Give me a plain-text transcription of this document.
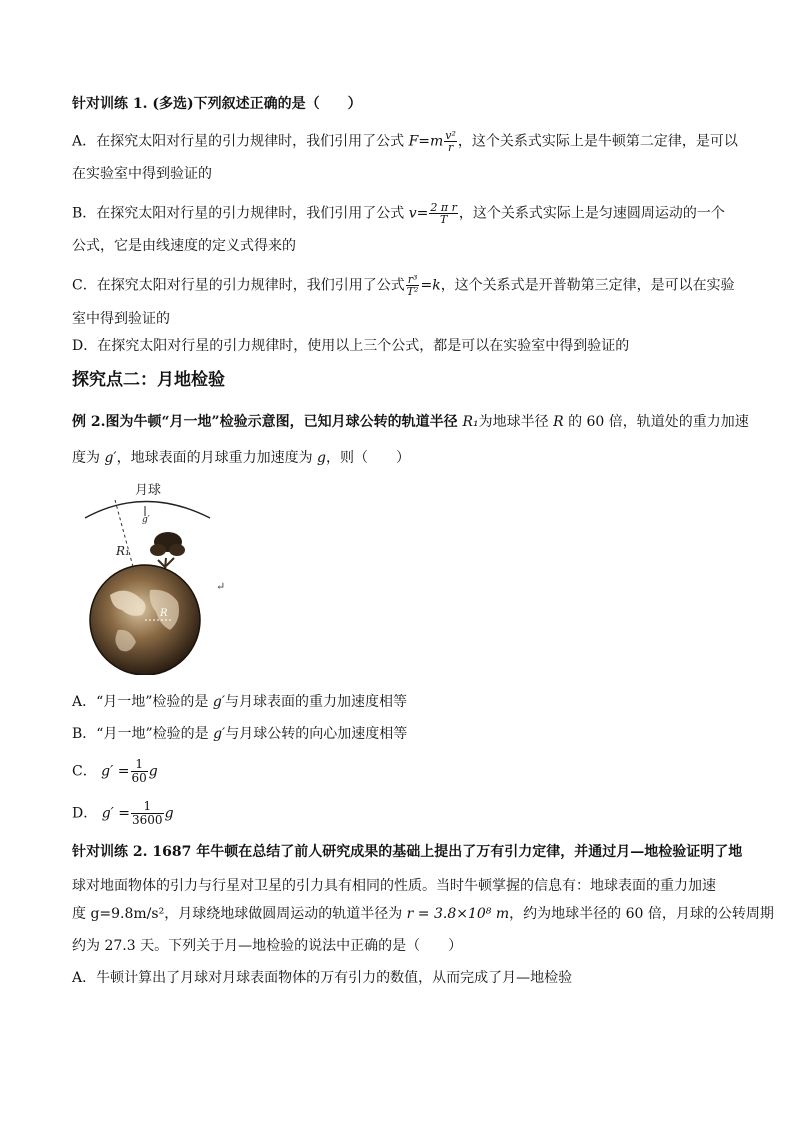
针对训练 1. (多选)下列叙述正确的是（　　）
A．在探究太阳对行星的引力规律时，我们引用了公式 $F=m \frac{\text{v²}}{r}$ ，这个关系式实际上是牛顿第二定律，是可以
在实验室中得到验证的
B．在探究太阳对行星的引力规律时，我们引用了公式 $v= \frac{\text{2 π r}}{T}$ ，这个关系式实际上是匀速圆周运动的一个
公式，它是由线速度的定义式得来的
C．在探究太阳对行星的引力规律时，我们引用了公式 $\frac{\text{r³}}{\text{T²}} =k$，这个关系式是开普勒第三定律，是可以在实验
室中得到验证的
D．在探究太阳对行星的引力规律时，使用以上三个公式，都是可以在实验室中得到验证的
探究点二：月地检验
例 2.图为牛顿“月一地”检验示意图，已知月球公转的轨道半径 R₁为地球半径 R 的 60 倍，轨道处的重力加速
度为 g′，地球表面的月球重力加速度为 g，则（　　）
月球
g′
R₁
R
↵
A．“月一地”检验的是 g′与月球表面的重力加速度相等
B．“月一地”检验的是 g′与月球公转的向心加速度相等
C． $g' = \frac{1}{60}$ g
D． $g' = \frac{1}{3600}$ g
针对训练 2. 1687 年牛顿在总结了前人研究成果的基础上提出了万有引力定律，并通过月—地检验证明了地
球对地面物体的引力与行星对卫星的引力具有相同的性质。当时牛顿掌握的信息有：地球表面的重力加速
度 g=9.8m/s²，月球绕地球做圆周运动的轨道半径为 r = 3.8×10⁸ m，约为地球半径的 60 倍，月球的公转周期
约为 27.3 天。下列关于月—地检验的说法中正确的是（　　）
A．牛顿计算出了月球对月球表面物体的万有引力的数值，从而完成了月—地检验
